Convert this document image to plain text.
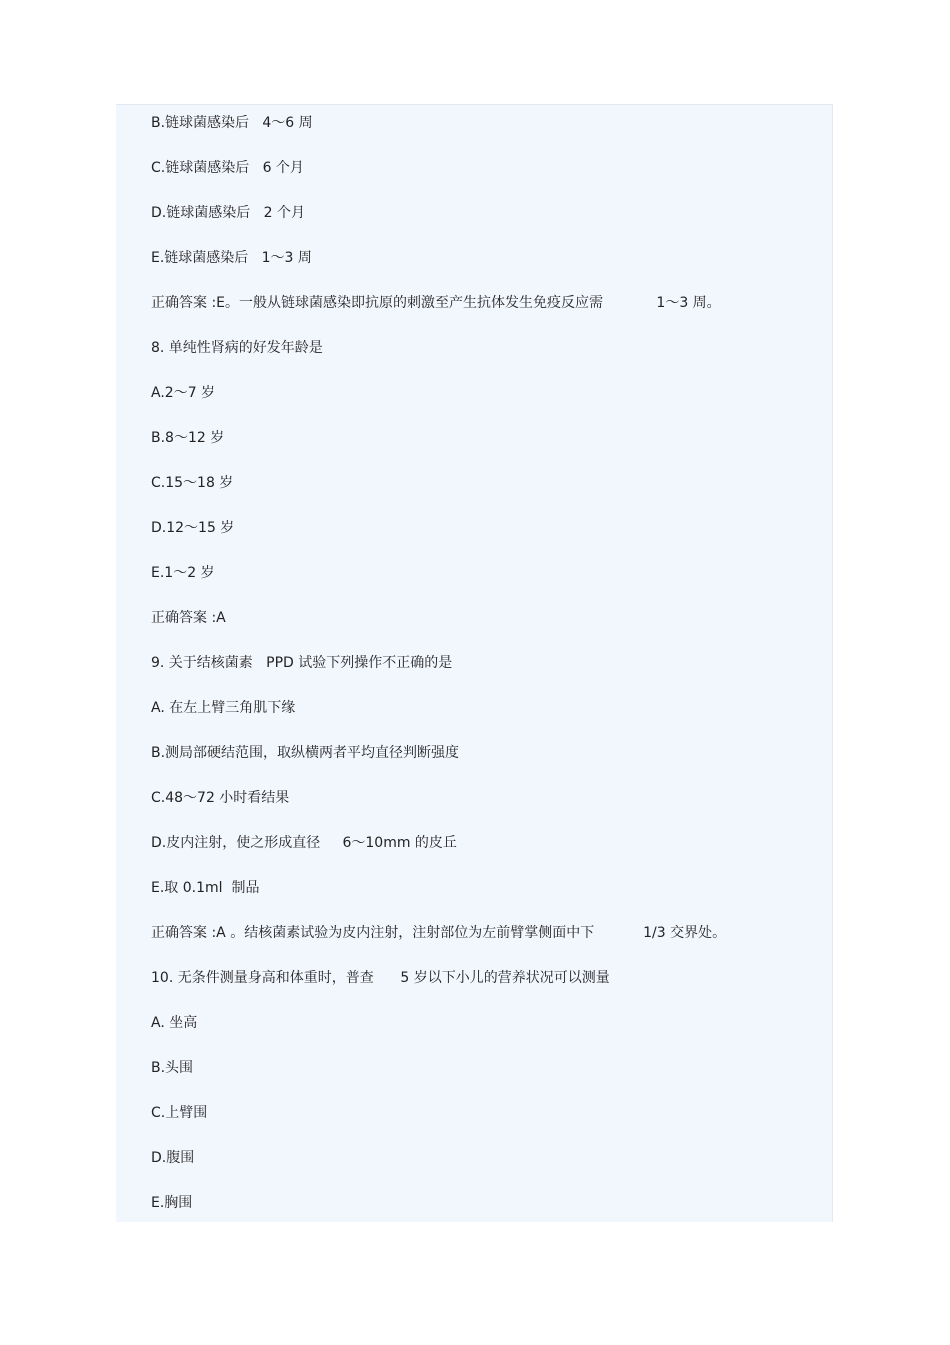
B.链球菌感染后   4～6 周
C.链球菌感染后   6 个月
D.链球菌感染后   2 个月
E.链球菌感染后   1～3 周
正确答案 :E。一般从链球菌感染即抗原的刺激至产生抗体发生免疫反应需            1～3 周。
8. 单纯性肾病的好发年龄是
A.2～7 岁
B.8～12 岁
C.15～18 岁
D.12～15 岁
E.1～2 岁
正确答案 :A
9. 关于结核菌素   PPD 试验下列操作不正确的是
A. 在左上臂三角肌下缘
B.测局部硬结范围，取纵横两者平均直径判断强度
C.48～72 小时看结果
D.皮内注射，使之形成直径     6～10mm 的皮丘
E.取 0.1ml  制品
正确答案 :A 。结核菌素试验为皮内注射，注射部位为左前臂掌侧面中下           1/3 交界处。
10. 无条件测量身高和体重时，普查      5 岁以下小儿的营养状况可以测量
A. 坐高
B.头围
C.上臂围
D.腹围
E.胸围
